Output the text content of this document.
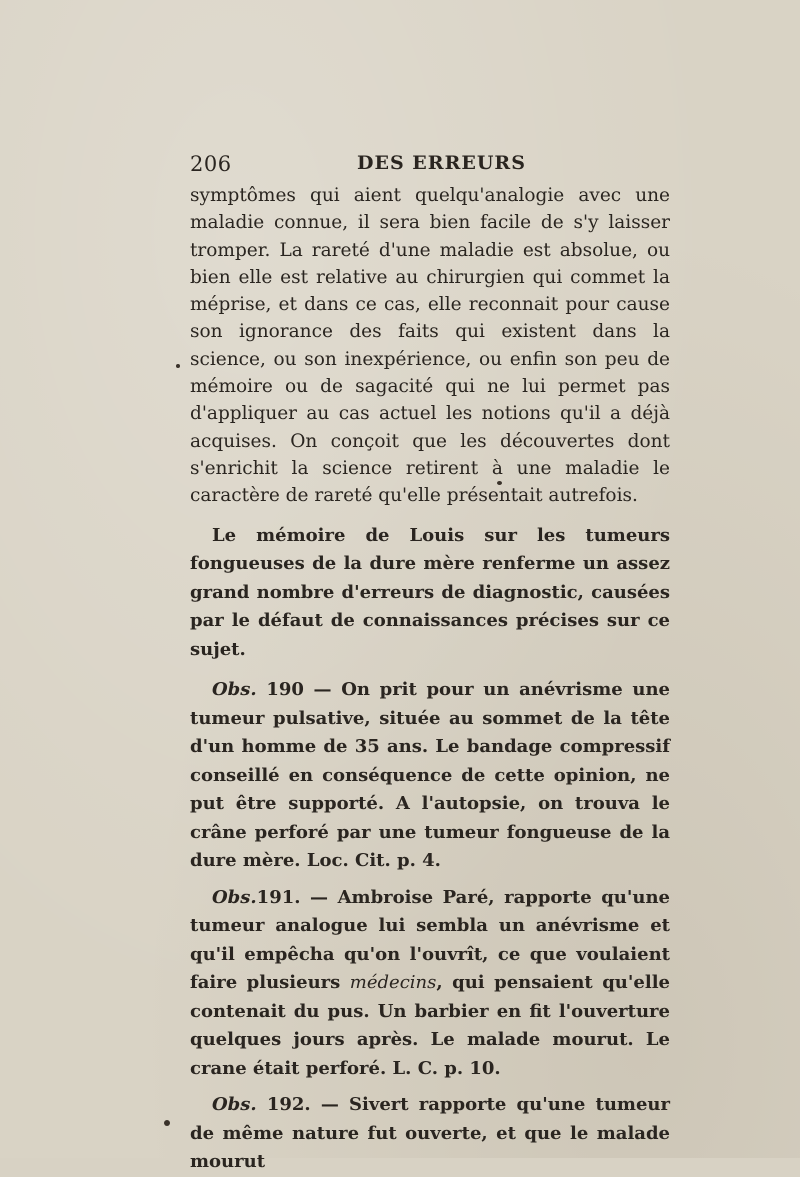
206	DES ERREURS

symptômes qui aient quelqu'analogie avec une maladie connue, il sera bien facile de s'y laisser tromper. La rareté d'une maladie est absolue, ou bien elle est relative au chirurgien qui commet la méprise, et dans ce cas, elle reconnait pour cause son ignorance des faits qui existent dans la science, ou son inexpérience, ou enfin son peu de mémoire ou de sagacité qui ne lui permet pas d'appliquer au cas actuel les notions qu'il a déjà acquises. On conçoit que les découvertes dont s'enrichit la science retirent à une maladie le caractère de rareté qu'elle présentait autrefois.

Le mémoire de Louis sur les tumeurs fongueuses de la dure mère renferme un assez grand nombre d'erreurs de diagnostic, causées par le défaut de connaissances précises sur ce sujet.

Obs. 190 — On prit pour un anévrisme une tumeur pulsative, située au sommet de la tête d'un homme de 35 ans. Le bandage compressif conseillé en conséquence de cette opinion, ne put être supporté. A l'autopsie, on trouva le crâne perforé par une tumeur fongueuse de la dure mère. Loc. Cit. p. 4.

Obs.191. — Ambroise Paré, rapporte qu'une tumeur analogue lui sembla un anévrisme et qu'il empêcha qu'on l'ouvrît, ce que voulaient faire plusieurs médecins, qui pensaient qu'elle contenait du pus. Un barbier en fit l'ouverture quelques jours après. Le malade mourut. Le crane était perforé. L. C. p. 10.

Obs. 192. — Sivert rapporte qu'une tumeur de même nature fut ouverte, et que le malade mourut
